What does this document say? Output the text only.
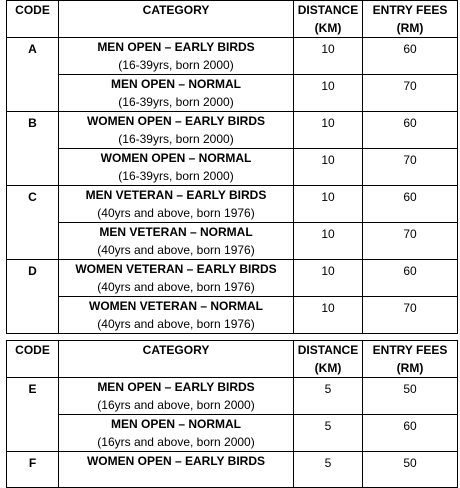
CODE	CATEGORY	DISTANCE (KM)	ENTRY FEES (RM)
A	MEN OPEN – EARLY BIRDS
(16-39yrs, born 2000)	10	60

	MEN OPEN – NORMAL
(16-39yrs, born 2000)	10	70
B	WOMEN OPEN – EARLY BIRDS
(16-39yrs, born 2000)	10	60

	WOMEN OPEN – NORMAL
(16-39yrs, born 2000)	10	70
C	MEN VETERAN – EARLY BIRDS
(40yrs and above, born 1976)	10	60

	MEN VETERAN – NORMAL
(40yrs and above, born 1976)	10	70
D	WOMEN VETERAN – EARLY BIRDS
(40yrs and above, born 1976)	10	60

	WOMEN VETERAN – NORMAL
(40yrs and above, born 1976)	10	70
CODE	CATEGORY	DISTANCE (KM)	ENTRY FEES (RM)
E	MEN OPEN – EARLY BIRDS
(16yrs and above, born 2000)	5	50

	MEN OPEN – NORMAL
(16yrs and above, born 2000)	5	60
F	WOMEN OPEN – EARLY BIRDS	5	50
